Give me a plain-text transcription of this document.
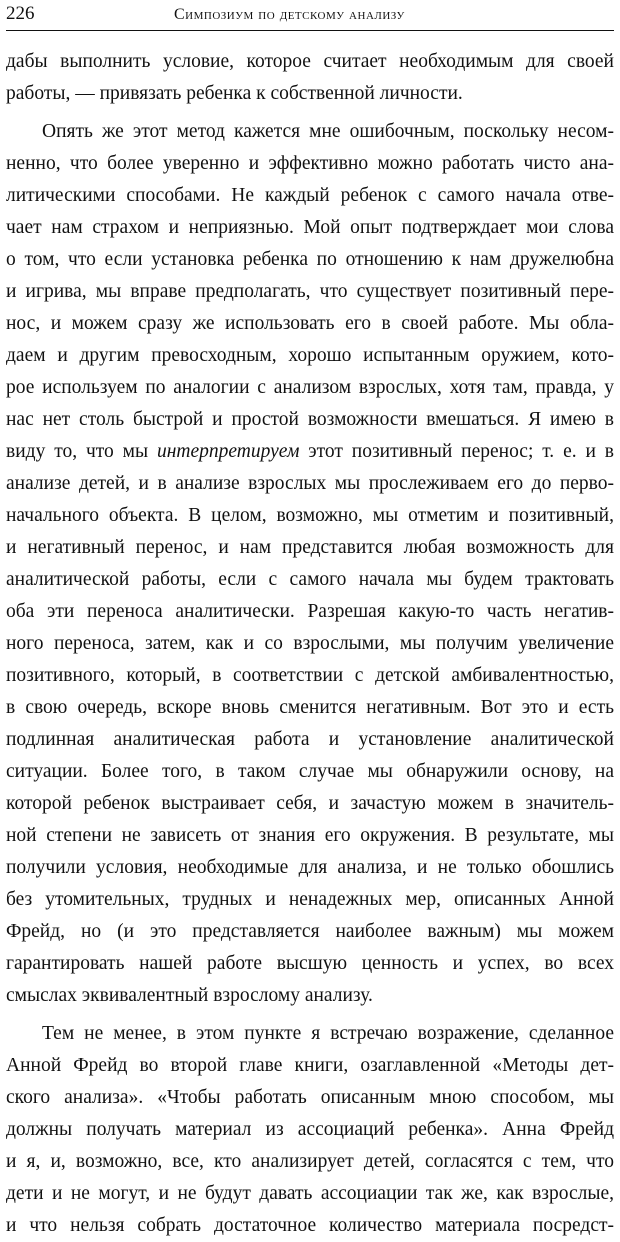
226	Симпозиум по детскому анализу
дабы выполнить условие, которое считает необходимым для своей
работы, — привязать ребенка к собственной личности.
Опять же этот метод кажется мне ошибочным, поскольку несом-
ненно, что более уверенно и эффективно можно работать чисто ана-
литическими способами. Не каждый ребенок с самого начала отве-
чает нам страхом и неприязнью. Мой опыт подтверждает мои слова
о том, что если установка ребенка по отношению к нам дружелюбна
и игрива, мы вправе предполагать, что существует позитивный пере-
нос, и можем сразу же использовать его в своей работе. Мы обла-
даем и другим превосходным, хорошо испытанным оружием, кото-
рое используем по аналогии с анализом взрослых, хотя там, правда, у
нас нет столь быстрой и простой возможности вмешаться. Я имею в
виду то, что мы интерпретируем этот позитивный перенос; т. е. и в
анализе детей, и в анализе взрослых мы прослеживаем его до перво-
начального объекта. В целом, возможно, мы отметим и позитивный,
и негативный перенос, и нам представится любая возможность для
аналитической работы, если с самого начала мы будем трактовать
оба эти переноса аналитически. Разрешая какую-то часть негатив-
ного переноса, затем, как и со взрослыми, мы получим увеличение
позитивного, который, в соответствии с детской амбивалентностью,
в свою очередь, вскоре вновь сменится негативным. Вот это и есть
подлинная аналитическая работа и установление аналитической
ситуации. Более того, в таком случае мы обнаружили основу, на
которой ребенок выстраивает себя, и зачастую можем в значитель-
ной степени не зависеть от знания его окружения. В результате, мы
получили условия, необходимые для анализа, и не только обошлись
без утомительных, трудных и ненадежных мер, описанных Анной
Фрейд, но (и это представляется наиболее важным) мы можем
гарантировать нашей работе высшую ценность и успех, во всех
смыслах эквивалентный взрослому анализу.
Тем не менее, в этом пункте я встречаю возражение, сделанное
Анной Фрейд во второй главе книги, озаглавленной «Методы дет-
ского анализа». «Чтобы работать описанным мною способом, мы
должны получать материал из ассоциаций ребенка». Анна Фрейд
и я, и, возможно, все, кто анализирует детей, согласятся с тем, что
дети и не могут, и не будут давать ассоциации так же, как взрослые,
и что нельзя собрать достаточное количество материала посредст-
